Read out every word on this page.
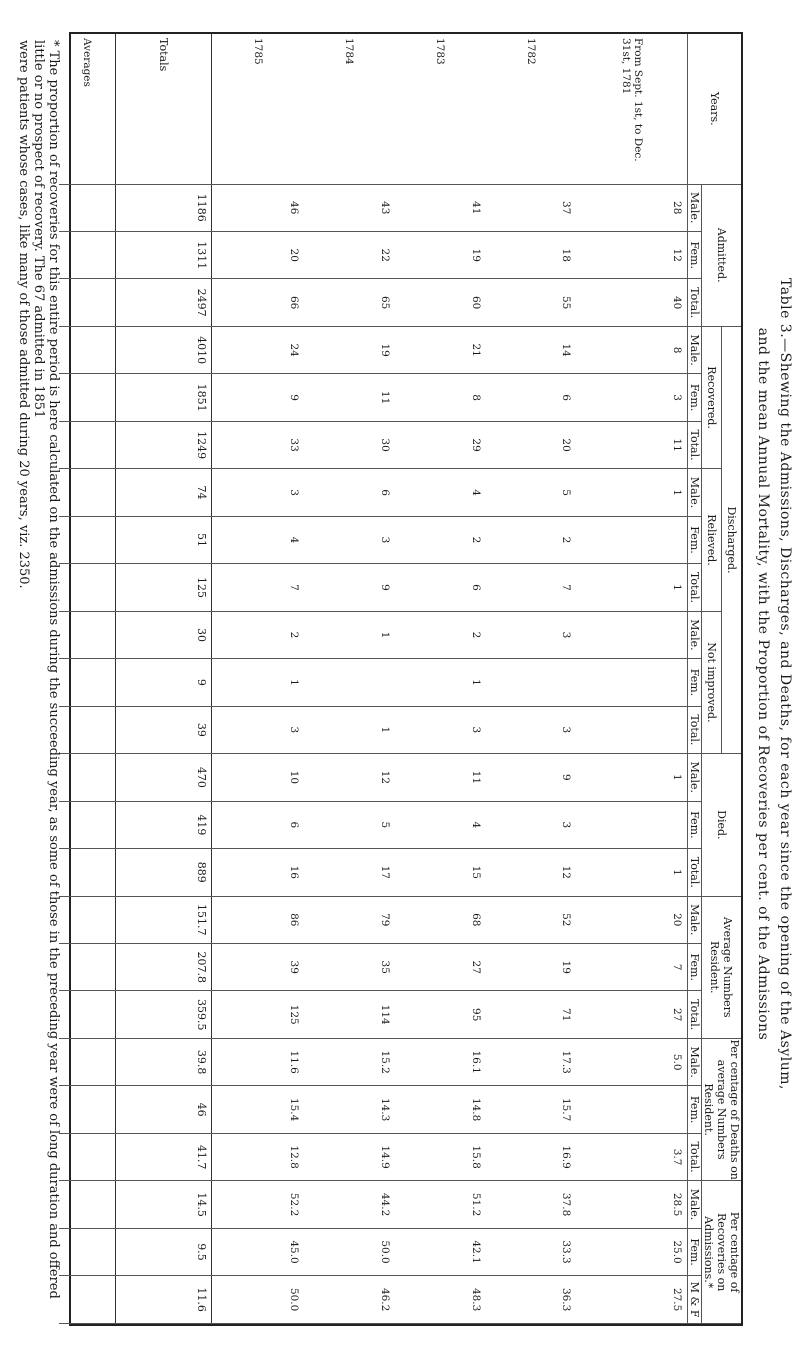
Table 3.—Shewing the Admissions, Discharges, and Deaths, for each year since the opening of the Asylum,
and the mean Annual Mortality, with the Proportion of Recoveries per cent. of the Admissions
Years.	Admitted.			Discharged.									Died.			Average Numbers Resident.			Per centage of Deaths on average Numbers Resident.			Per centage of Recoveries on Admissions.*		
				Recovered.			Relieved.			Not improved.														
	Male.	Fem.	Total.	Male.	Fem.	Total.	Male.	Fem.	Total.	Male.	Fem.	Total.	Male.	Fem.	Total.	Male.	Fem.	Total.	Male.	Fem.	Total.	Male.	Fem.	M & F
From Sept. 1st, to Dec. 31st, 1781	28	12	40	8	3	11	1		1				1		1	20	7	27	5.0		3.7	28.5	25.0	27.5
1782	37	18	55	14	6	20	5	2	7	3		3	9	3	12	52	19	71	17.3	15.7	16.9	37.8	33.3	36.3
1783	41	19	60	21	8	29	4	2	6	2	1	3	11	4	15	68	27	95	16.1	14.8	15.8	51.2	42.1	48.3
1784	43	22	65	19	11	30	6	3	9	1		1	12	5	17	79	35	114	15.2	14.3	14.9	44.2	50.0	46.2
1785	46	20	66	24	9	33	3	4	7	2	1	3	10	6	16	86	39	125	11.6	15.4	12.8	52.2	45.0	50.0
Totals	1186	1311	2497	4010	1851	1249	74	51	125	30	9	39	470	419	889	151.7	207.8	359.5	39.8	46	41.7	14.5	9.5	11.6
Averages																								
* The proportion of recoveries for this entire period is here calculated on the admissions during the succeeding year, as some of those in the preceding year were of long duration and offered little or no prospect of recovery. The 67 admitted in 1851
were patients whose cases, like many of those admitted during 20 years, viz. 2350.
